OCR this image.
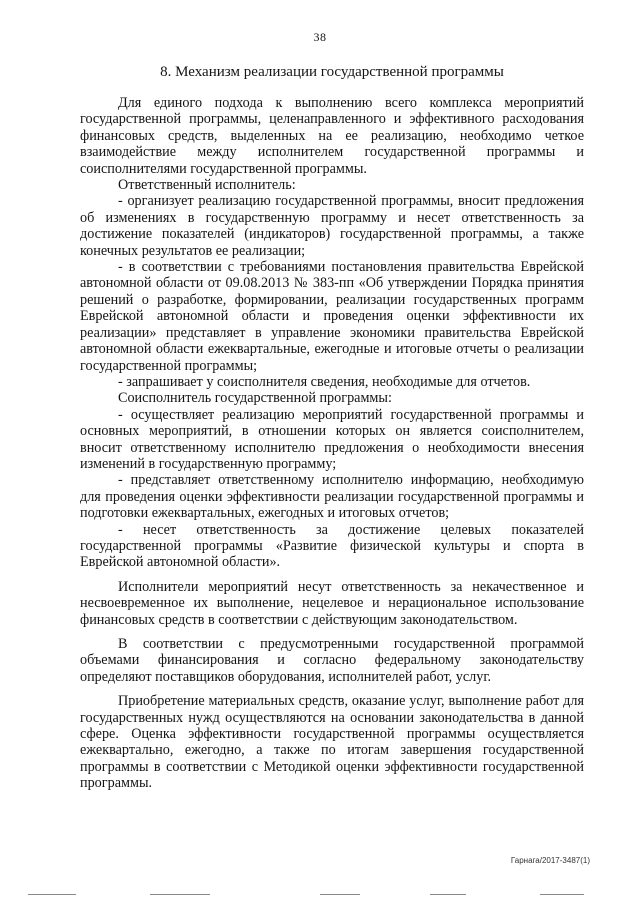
38
8. Механизм реализации государственной программы

Для единого подхода к выполнению всего комплекса мероприятий государственной программы, целенаправленного и эффективного расходования финансовых средств, выделенных на ее реализацию, необходимо четкое взаимодействие между исполнителем государственной программы и соисполнителями государственной программы.

Ответственный исполнитель:

- организует реализацию государственной программы, вносит предложения об изменениях в государственную программу и несет ответственность за достижение показателей (индикаторов) государственной программы, а также конечных результатов ее реализации;

- в соответствии с требованиями постановления правительства Еврейской автономной области от 09.08.2013 № 383-пп «Об утверждении Порядка принятия решений о разработке, формировании, реализации государственных программ Еврейской автономной области и проведения оценки эффективности их реализации» представляет в управление экономики правительства Еврейской автономной области ежеквартальные, ежегодные и итоговые отчеты о реализации государственной программы;

- запрашивает у соисполнителя сведения, необходимые для отчетов.

Соисполнитель государственной программы:

- осуществляет реализацию мероприятий государственной программы и основных мероприятий, в отношении которых он является соисполнителем, вносит ответственному исполнителю предложения о необходимости внесения изменений в государственную программу;

- представляет ответственному исполнителю информацию, необходимую для проведения оценки эффективности реализации государственной программы и подготовки ежеквартальных, ежегодных и итоговых отчетов;

- несет ответственность за достижение целевых показателей государственной программы «Развитие физической культуры и спорта в Еврейской автономной области».

Исполнители мероприятий несут ответственность за некачественное и несвоевременное их выполнение, нецелевое и нерациональное использование финансовых средств в соответствии с действующим законодательством.

В соответствии с предусмотренными государственной программой объемами финансирования и согласно федеральному законодательству определяют поставщиков оборудования, исполнителей работ, услуг.

Приобретение материальных средств, оказание услуг, выполнение работ для государственных нужд осуществляются на основании законодательства в данной сфере. Оценка эффективности государственной программы осуществляется ежеквартально, ежегодно, а также по итогам завершения государственной программы в соответствии с Методикой оценки эффективности государственной программы.

Гарнага/2017-3487(1)
